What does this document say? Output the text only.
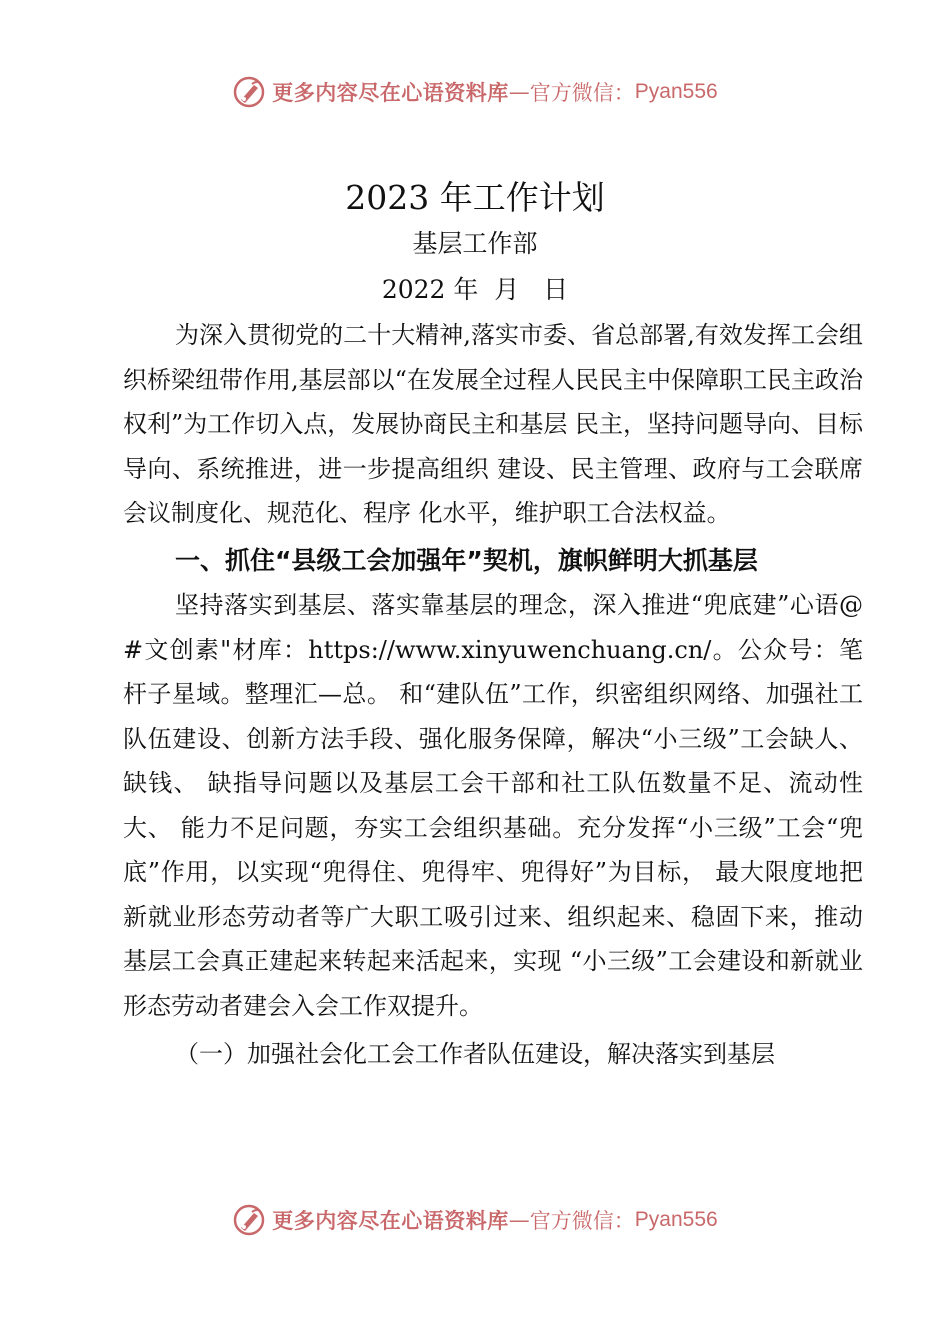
更多内容尽在心语资料库 — 官方微信： Pyan556
2023 年工作计划
基层工作部
2022 年  月   日

为深入贯彻党的二十大精神,落实市委、省总部署,有效发挥工会组织桥梁纽带作用,基层部以“在发展全过程人民民主中保障职工民主政治权利”为工作切入点，发展协商民主和基层 民主，坚持问题导向、目标导向、系统推进，进一步提高组织 建设、民主管理、政府与工会联席会议制度化、规范化、程序 化水平，维护职工合法权益。

一、抓住“县级工会加强年”契机，旗帜鲜明大抓基层

坚持落实到基层、落实靠基层的理念，深入推进“兜底建”心语@#文创素"材库：https://www.xinyuwenchuang.cn/。公众号：笔杆子星域。整理汇—总。 和“建队伍”工作，织密组织网络、加强社工队伍建设、创新方法手段、强化服务保障，解决“小三级”工会缺人、缺钱、 缺指导问题以及基层工会干部和社工队伍数量不足、流动性大、 能力不足问题，夯实工会组织基础。充分发挥“小三级”工会“兜底”作用，以实现“兜得住、兜得牢、兜得好”为目标， 最大限度地把新就业形态劳动者等广大职工吸引过来、组织起来、稳固下来，推动基层工会真正建起来转起来活起来，实现 “小三级”工会建设和新就业形态劳动者建会入会工作双提升。

（一）加强社会化工会工作者队伍建设，解决落实到基层

更多内容尽在心语资料库 — 官方微信： Pyan556
